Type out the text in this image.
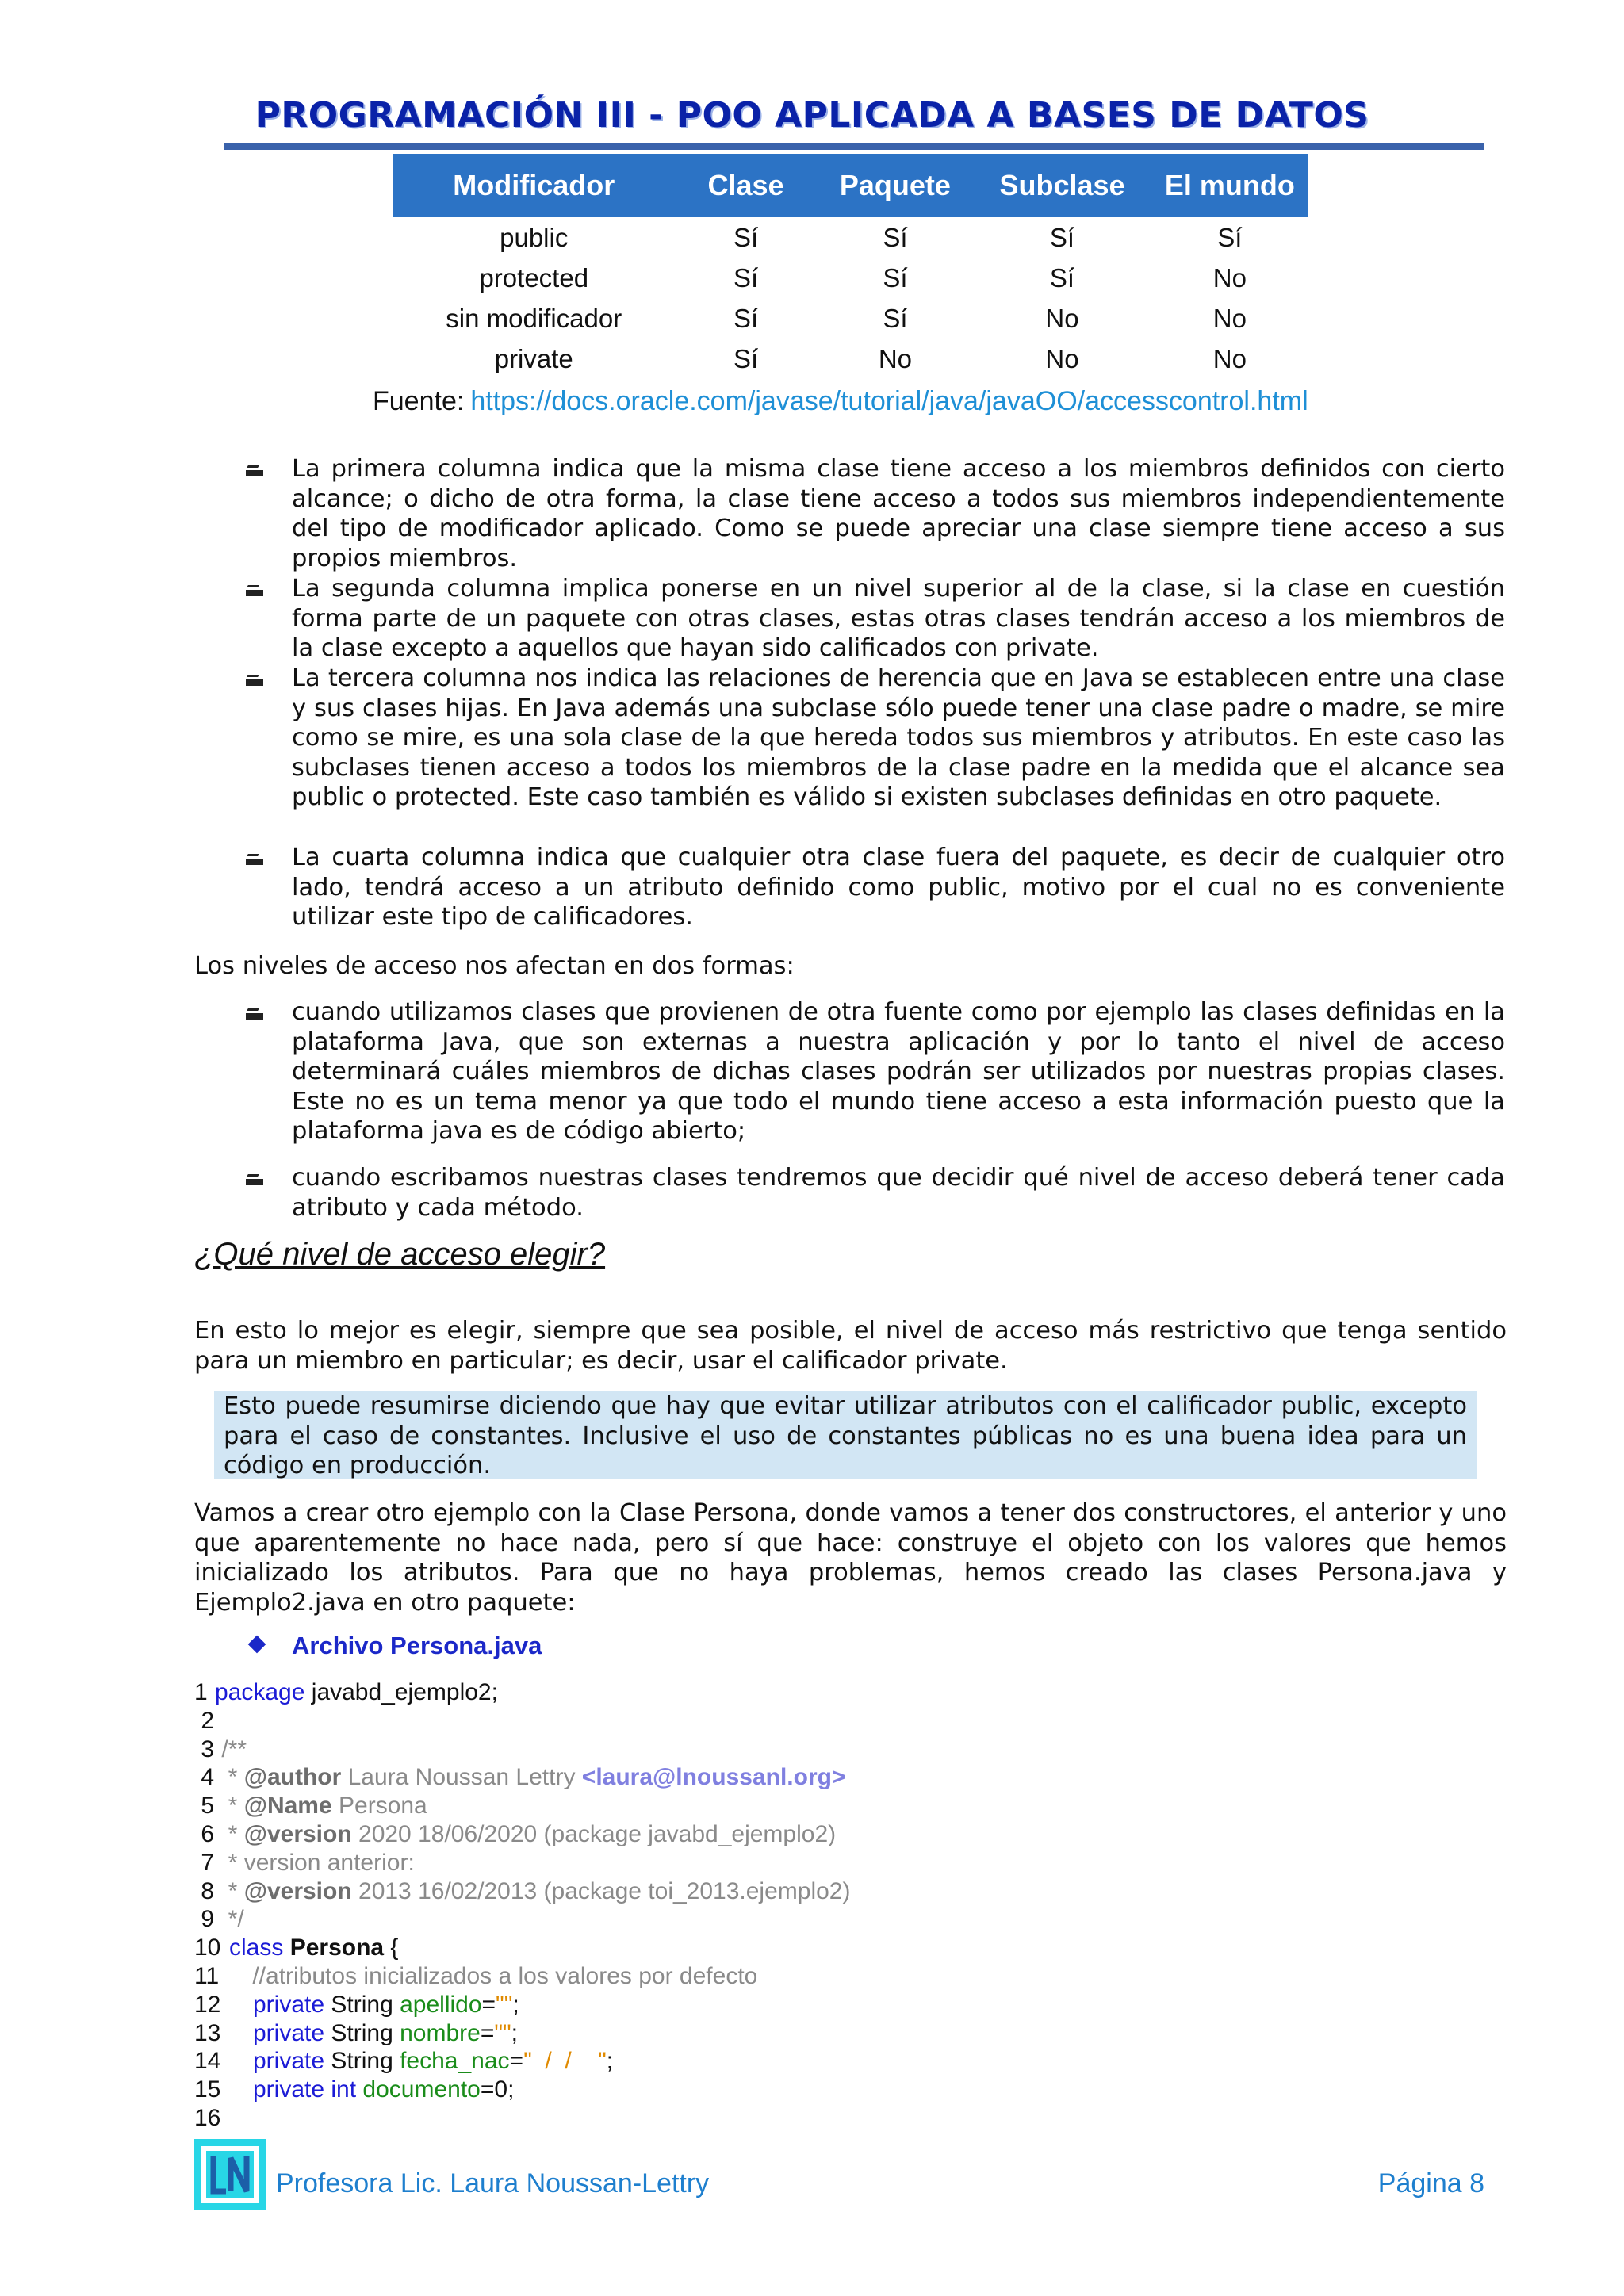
PROGRAMACIÓN III - POO APLICADA A BASES DE DATOS
Modificador	Clase	Paquete	Subclase	El mundo
public	Sí	Sí	Sí	Sí
protected	Sí	Sí	Sí	No
sin modificador	Sí	Sí	No	No
private	Sí	No	No	No
Fuente: https://docs.oracle.com/javase/tutorial/java/javaOO/accesscontrol.html
La primera columna indica que la misma clase tiene acceso a los miembros definidos con cierto alcance; o dicho de otra forma, la clase tiene acceso a todos sus miembros independientemente del tipo de modificador aplicado. Como se puede apreciar una clase siempre tiene acceso a sus propios miembros.
La segunda columna implica ponerse en un nivel superior al de la clase, si la clase en cuestión forma parte de un paquete con otras clases, estas otras clases tendrán acceso a los miembros de la clase excepto a aquellos que hayan sido calificados con private.
La tercera columna nos indica las relaciones de herencia que en Java se establecen entre una clase y sus clases hijas. En Java además una subclase sólo puede tener una clase padre o madre, se mire como se mire, es una sola clase de la que hereda todos sus miembros y atributos. En este caso las subclases tienen acceso a todos los miembros de la clase padre en la medida que el alcance sea public o protected. Este caso también es válido si existen subclases definidas en otro paquete.
La cuarta columna indica que cualquier otra clase fuera del paquete, es decir de cualquier otro lado, tendrá acceso a un atributo definido como public, motivo por el cual no es conveniente utilizar este tipo de calificadores.
Los niveles de acceso nos afectan en dos formas:
cuando utilizamos clases que provienen de otra fuente como por ejemplo las clases definidas en la plataforma Java, que son externas a nuestra aplicación y por lo tanto el nivel de acceso determinará cuáles miembros de dichas clases podrán ser utilizados por nuestras propias clases. Este no es un tema menor ya que todo el mundo tiene acceso a esta información puesto que la plataforma java es de código abierto;
cuando escribamos nuestras clases tendremos que decidir qué nivel de acceso deberá tener cada atributo y cada método.
¿Qué nivel de acceso elegir?
En esto lo mejor es elegir, siempre que sea posible, el nivel de acceso más restrictivo que tenga sentido para un miembro en particular; es decir, usar el calificador private.
Esto puede resumirse diciendo que hay que evitar utilizar atributos con el calificador public, excepto para el caso de constantes. Inclusive el uso de constantes públicas no es una buena idea para un código en producción.
Vamos a crear otro ejemplo con la Clase Persona, donde vamos a tener dos constructores, el anterior y uno que aparentemente no hace nada, pero sí que hace: construye el objeto con los valores que hemos inicializado los atributos. Para que no haya problemas, hemos creado las clases Persona.java y Ejemplo2.java en otro paquete:
Archivo Persona.java
1 package javabd_ejemplo2;
2
3 /**
4 * @author Laura Noussan Lettry <laura@lnoussanl.org>
5 * @Name Persona
6 * @version 2020 18/06/2020 (package javabd_ejemplo2)
7 * version anterior:
8 * @version 2013 16/02/2013 (package toi_2013.ejemplo2)
9 */
10 class Persona {
11    //atributos inicializados a los valores por defecto
12 private String apellido="";
13 private String nombre="";
14 private String fecha_nac="  /  /    ";
15 private int documento=0;
16
Profesora Lic. Laura Noussan-Lettry	Página 8
